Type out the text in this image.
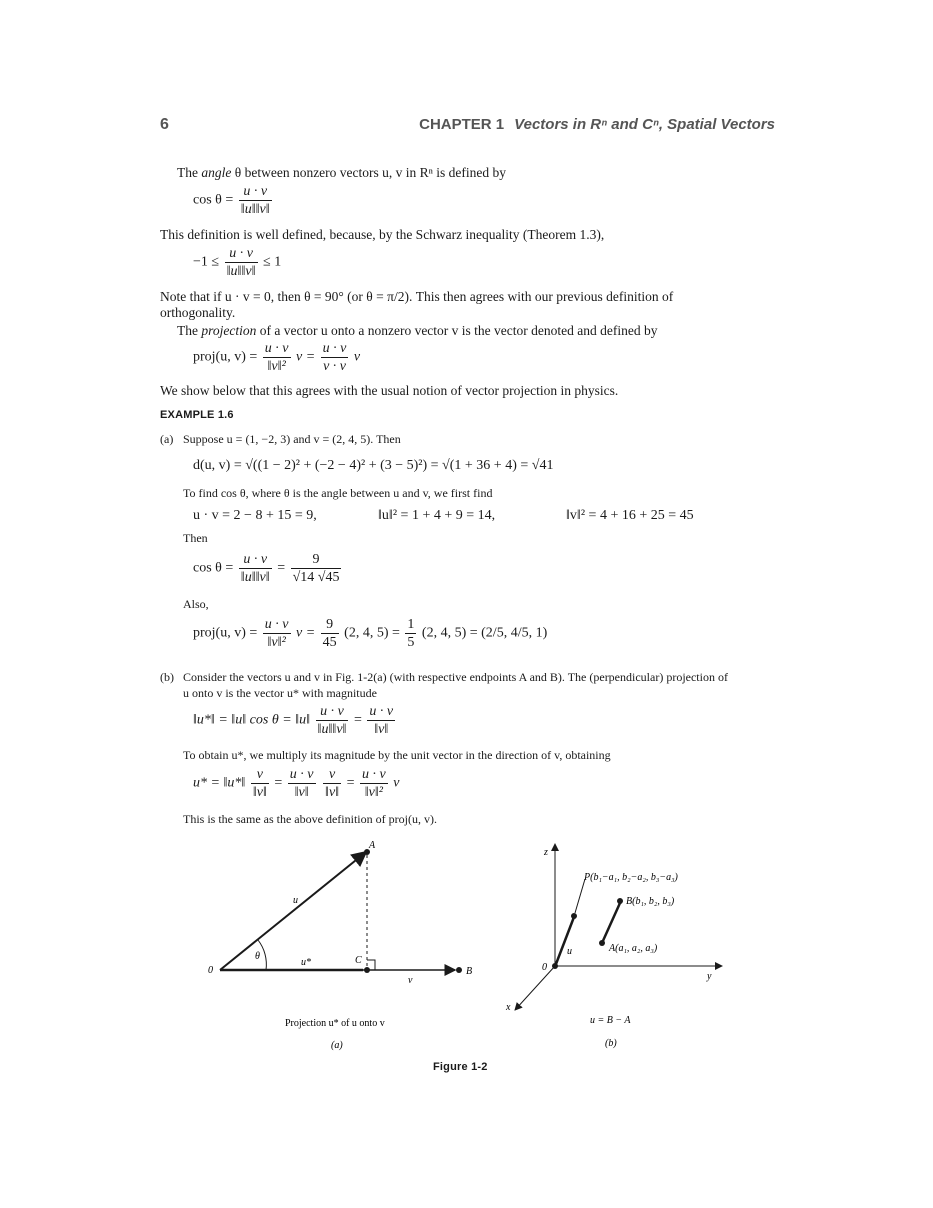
6	CHAPTER 1 Vectors in Rⁿ and Cⁿ, Spatial Vectors
The angle θ between nonzero vectors u, v in Rⁿ is defined by
$\cos \theta = \frac{u \cdot v}{‖u‖‖v‖}$
This definition is well defined, because, by the Schwarz inequality (Theorem 1.3),
$-1 \le \frac{u \cdot v}{‖u‖‖v‖} \le 1$
Note that if u · v = 0, then θ = 90° (or θ = π/2). This then agrees with our previous definition of
orthogonality.
The projection of a vector u onto a nonzero vector v is the vector denoted and defined by
proj(u, $v) = \frac{u \cdot v}{\text{‖v‖²}}$ $v = \frac{u \cdot v}{v \cdot v}$ v
We show below that this agrees with the usual notion of vector projection in physics.
EXAMPLE 1.6
(a) Suppose u = (1, −2, 3) and v = (2, 4, 5). Then
d(u, v) = √((1 − 2)² + (−2 − 4)² + (3 − 5)²) = √(1 + 36 + 4) = √41
To find cos θ, where θ is the angle between u and v, we first find
u · v = 2 − 8 + 15 = 9,	‖u‖² = 1 + 4 + 9 = 14,	‖v‖² = 4 + 16 + 25 = 45
Then
$\cos \theta = \frac{u \cdot v}{‖u‖‖v‖} = \frac{9}{√14 √45}$
Also,
proj(u, $v) = \frac{u \cdot v}{\text{‖v‖²}}$ $v = \frac{9}{45} (2$, 4, $5) = \frac{1}{5} (2$, 4, 5) = (2/5, 4/5, 1)
(b) Consider the vectors u and v in Fig. 1-2(a) (with respective endpoints A and B). The (perpendicular) projection of
u onto v is the vector u* with magnitude
‖u*‖ = ‖u‖ cos θ = ‖u‖ $\frac{u \cdot v}{‖u‖‖v‖} = \frac{u \cdot v}{‖v‖}$
To obtain u*, we multiply its magnitude by the unit vector in the direction of v, obtaining
u* = ‖u*‖ $\frac{v}{‖v‖} = \frac{u \cdot v}{‖v‖}$
$\frac{v}{‖v‖} = \frac{u \cdot v}{\text{‖v‖²}}$ v
This is the same as the above definition of proj(u, v).
0
A
B
C
u
v
u*
θ
Projection u* of u onto v
(a)
z
y
x
0
u
P(b₁−a₁, b₂−a₂, b₃−a₃)
B(b₁, b₂, b₃)
A(a₁, a₂, a₃)
u = B − A
(b)
Figure 1-2
